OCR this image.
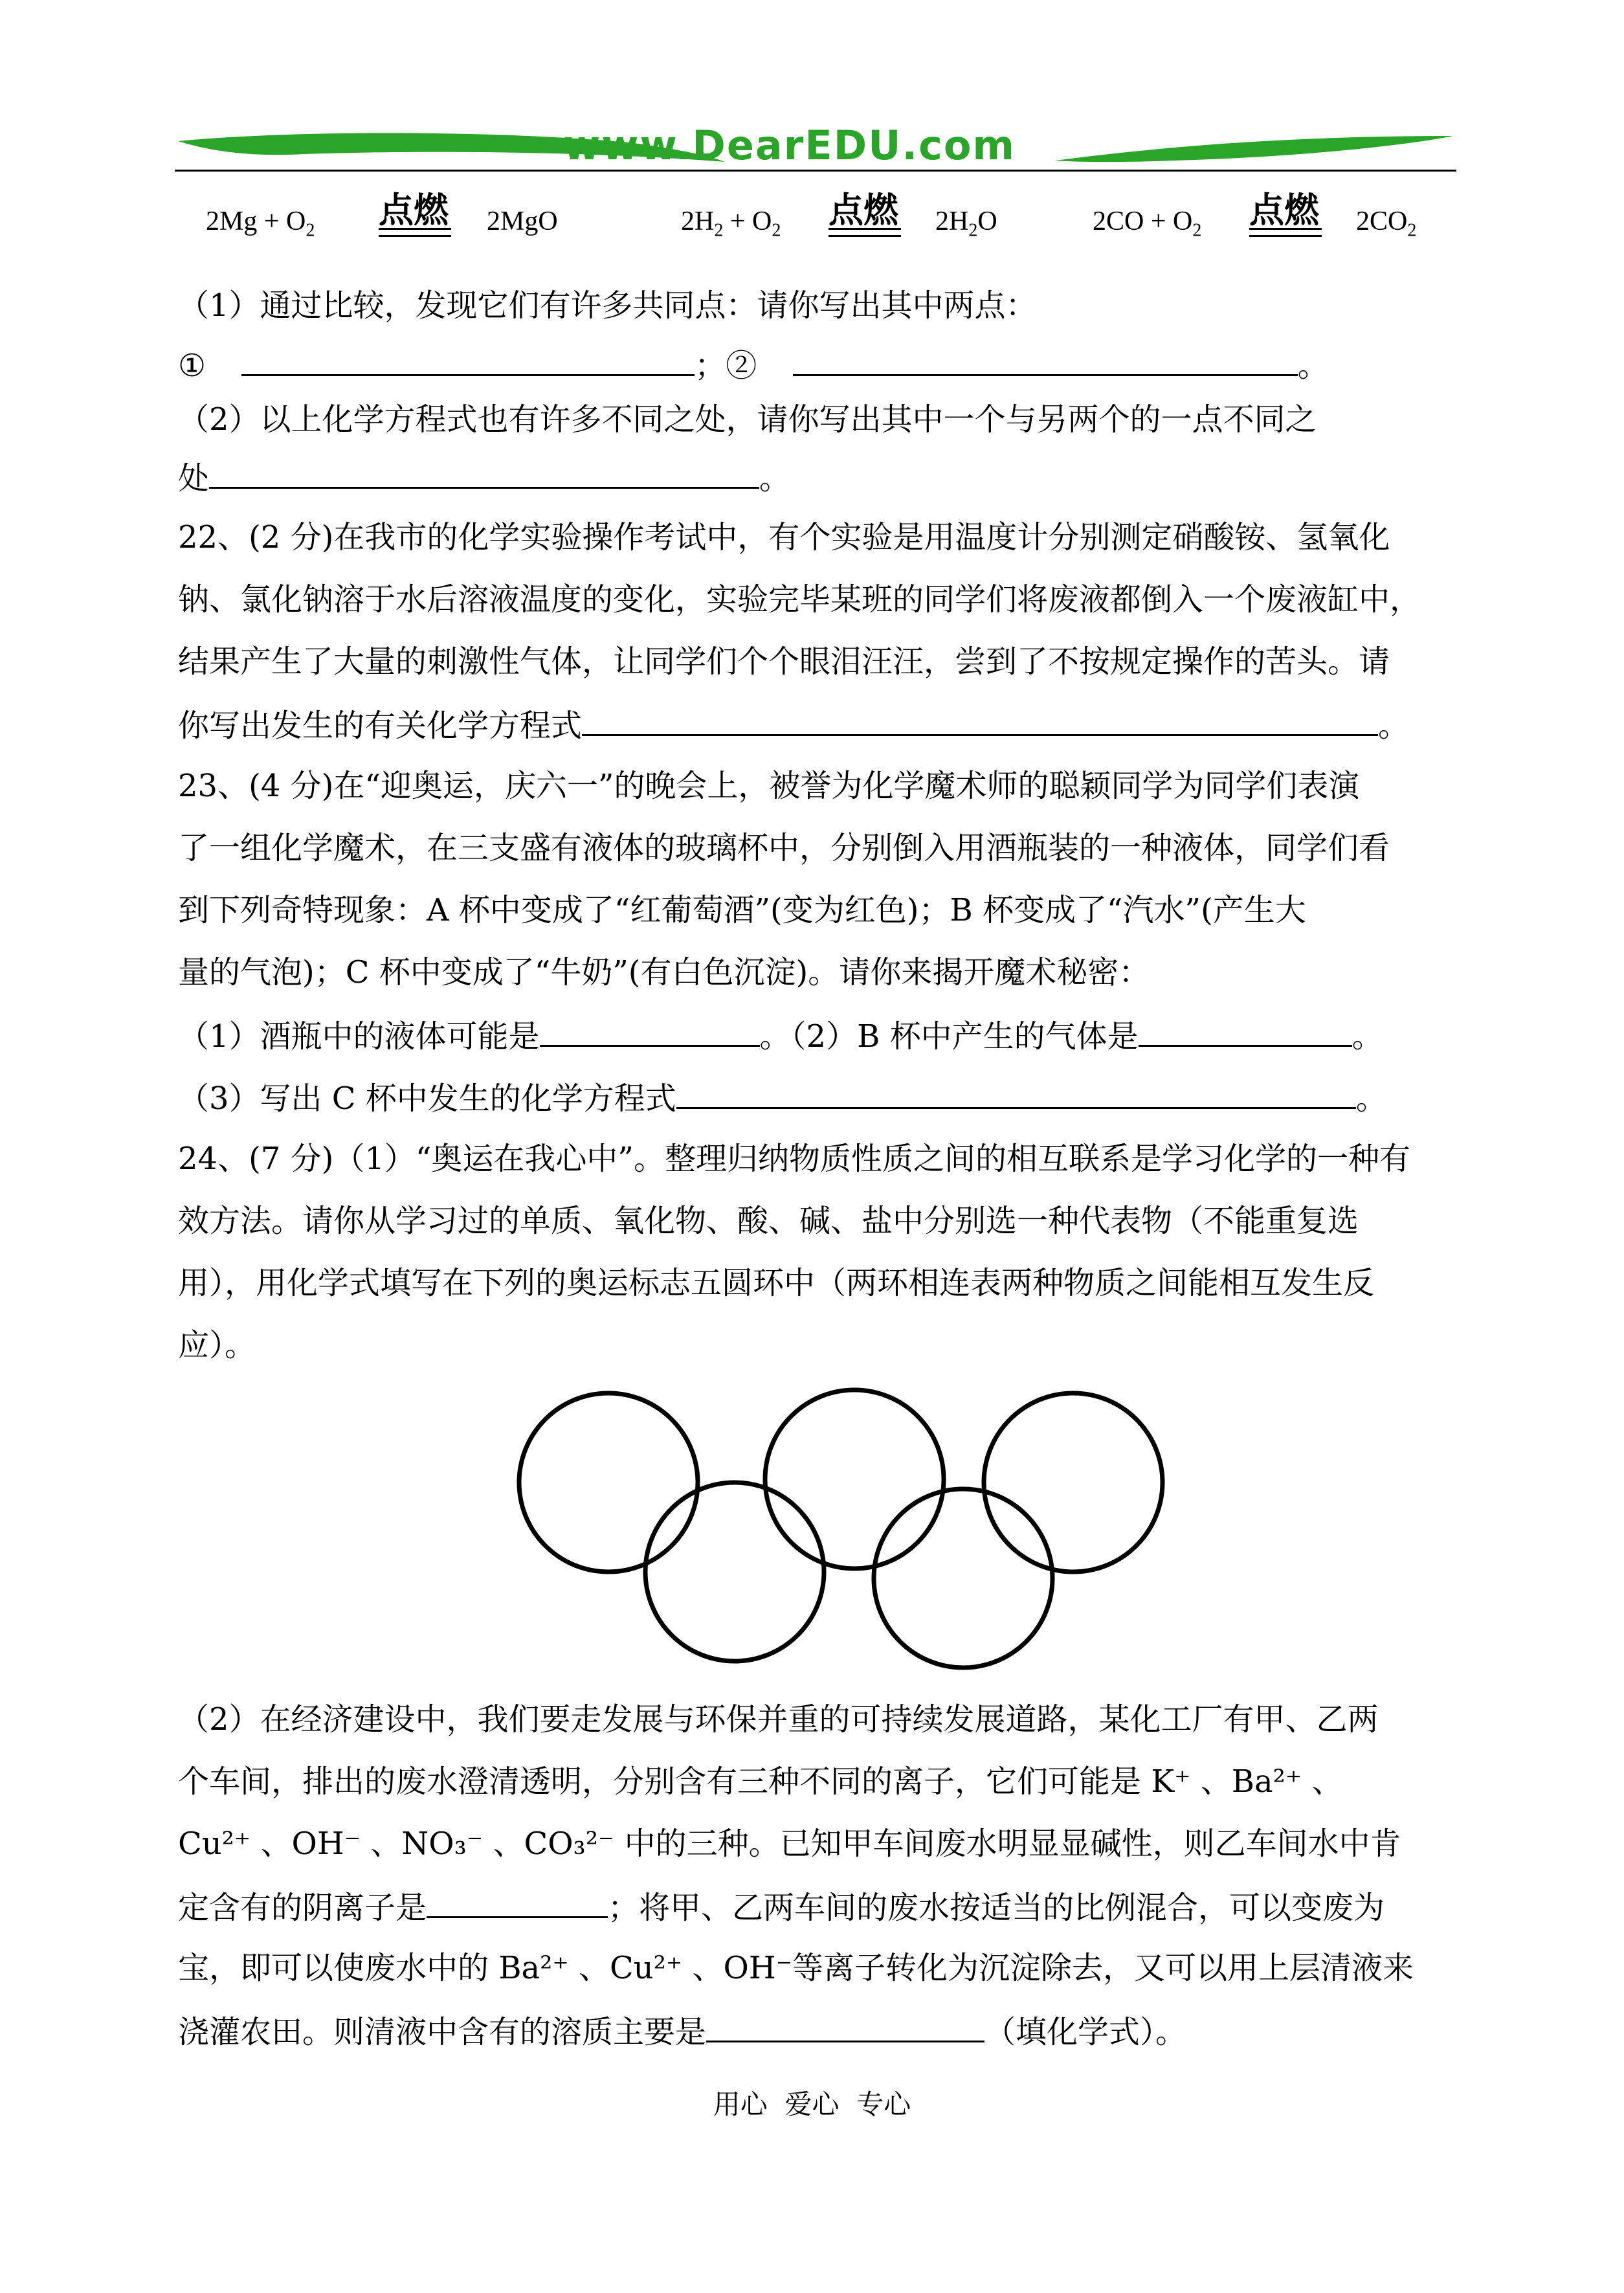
www.DearEDU.com
$2Mg + O_2$ 点燃 2MgO	$2H_2 + O_2$ 点燃 $2H_2O$	$2CO + O_2$ 点燃 $2CO_2$
（1）通过比较，发现它们有许多共同点：请你写出其中两点：
①	；②	。
（2）以上化学方程式也有许多不同之处，请你写出其中一个与另两个的一点不同之
处	。
22、(2 分)在我市的化学实验操作考试中，有个实验是用温度计分别测定硝酸铵、氢氧化
钠、氯化钠溶于水后溶液温度的变化，实验完毕某班的同学们将废液都倒入一个废液缸中，
结果产生了大量的刺激性气体，让同学们个个眼泪汪汪，尝到了不按规定操作的苦头。请
你写出发生的有关化学方程式	。
23、(4 分)在“迎奥运，庆六一”的晚会上，被誉为化学魔术师的聪颖同学为同学们表演
了一组化学魔术，在三支盛有液体的玻璃杯中，分别倒入用酒瓶装的一种液体，同学们看
到下列奇特现象：A 杯中变成了“红葡萄酒”(变为红色)；B 杯变成了“汽水”(产生大
量的气泡)；C 杯中变成了“牛奶”(有白色沉淀)。请你来揭开魔术秘密：
（1）酒瓶中的液体可能是	。（2）B 杯中产生的气体是	。
（3）写出 C 杯中发生的化学方程式	。
24、(7 分)（1）“奥运在我心中”。整理归纳物质性质之间的相互联系是学习化学的一种有
效方法。请你从学习过的单质、氧化物、酸、碱、盐中分别选一种代表物（不能重复选
用），用化学式填写在下列的奥运标志五圆环中（两环相连表两种物质之间能相互发生反
应）。
（2）在经济建设中，我们要走发展与环保并重的可持续发展道路，某化工厂有甲、乙两
个车间，排出的废水澄清透明，分别含有三种不同的离子，它们可能是 K⁺ 、Ba²⁺ 、
Cu²⁺ 、OH⁻ 、NO₃⁻ 、CO₃²⁻ 中的三种。已知甲车间废水明显显碱性，则乙车间水中肯
定含有的阴离子是	；将甲、乙两车间的废水按适当的比例混合，可以变废为
宝，即可以使废水中的 Ba²⁺ 、Cu²⁺ 、OH⁻等离子转化为沉淀除去，又可以用上层清液来
浇灌农田。则清液中含有的溶质主要是	（填化学式）。
用心  爱心  专心
